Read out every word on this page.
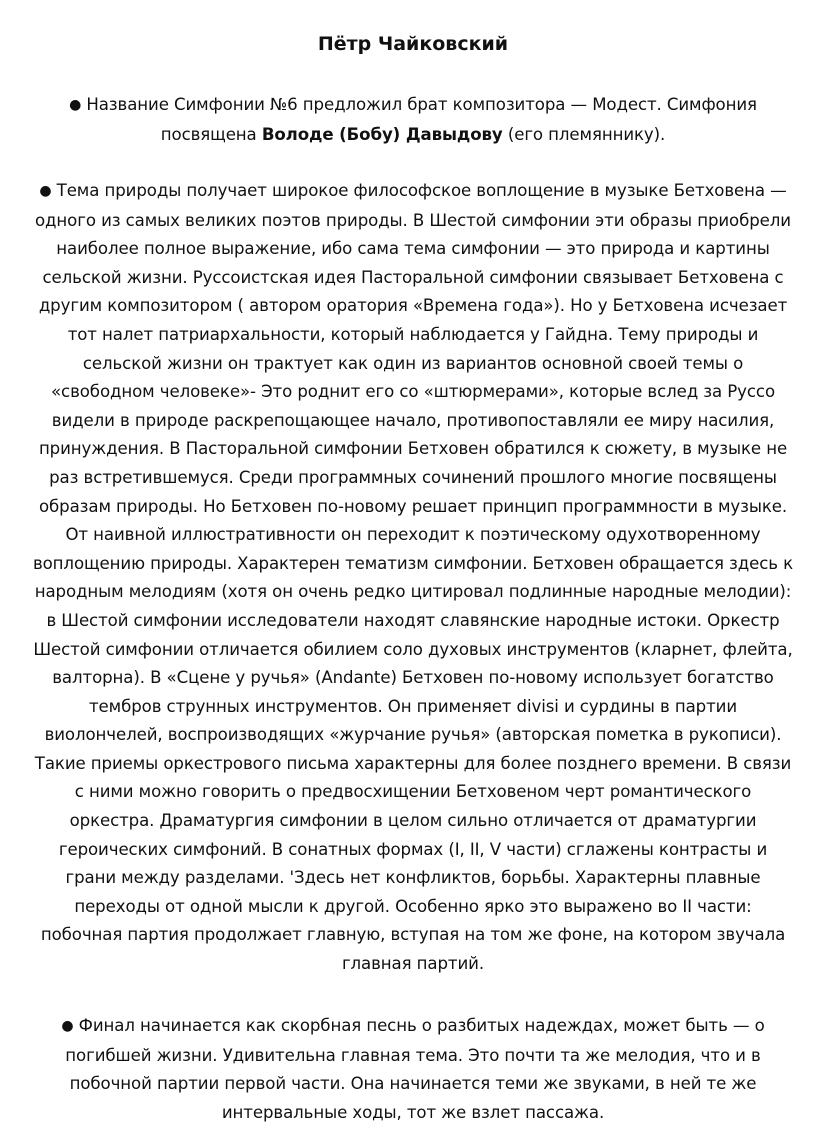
Пётр Чайковский

● Название Симфонии №6 предложил брат композитора — Модест. Симфония посвящена Володе (Бобу) Давыдову (его племяннику).

● Тема природы получает широкое философское воплощение в музыке Бетховена — одного из самых великих поэтов природы. В Шестой симфонии эти образы приобрели наиболее полное выражение, ибо сама тема симфонии — это природа и картины сельской жизни. Руссоистская идея Пасторальной симфонии связывает Бетховена с другим композитором ( автором оратория «Времена года»). Но у Бетховена исчезает тот налет патриархальности, который наблюдается у Гайдна. Тему природы и сельской жизни он трактует как один из вариантов основной своей темы о «свободном человеке»- Это роднит его со «штюрмерами», которые вслед за Руссо видели в природе раскрепощающее начало, противопоставляли ее миру насилия, принуждения. В Пасторальной симфонии Бетховен обратился к сюжету, в музыке не раз встретившемуся. Среди программных сочинений прошлого многие посвящены образам природы. Но Бетховен по-новому решает принцип программности в музыке. От наивной иллюстративности он переходит к поэтическому одухотворенному воплощению природы. Характерен тематизм симфонии. Бетховен обращается здесь к народным мелодиям (хотя он очень редко цитировал подлинные народные мелодии): в Шестой симфонии исследователи находят славянские народные истоки. Оркестр Шестой симфонии отличается обилием соло духовых инструментов (кларнет, флейта, валторна). В «Сцене у ручья» (Andante) Бетховен по-новому использует богатство тембров струнных инструментов. Он применяет divisi и сурдины в партии виолончелей, воспроизводящих «журчание ручья» (авторская пометка в рукописи). Такие приемы оркестрового письма характерны для более позднего времени. В связи с ними можно говорить о предвосхищении Бетховеном черт романтического оркестра. Драматургия симфонии в целом сильно отличается от драматургии героических симфоний. В сонатных формах (I, II, V части) сглажены контрасты и грани между разделами. 'Здесь нет конфликтов, борьбы. Характерны плавные переходы от одной мысли к другой. Особенно ярко это выражено во II части: побочная партия продолжает главную, вступая на том же фоне, на котором звучала главная партий.

● Финал начинается как скорбная песнь о разбитых надеждах, может быть — о погибшей жизни. Удивительна главная тема. Это почти та же мелодия, что и в побочной партии первой части. Она начинается теми же звуками, в ней те же интервальные ходы, тот же взлет пассажа.
